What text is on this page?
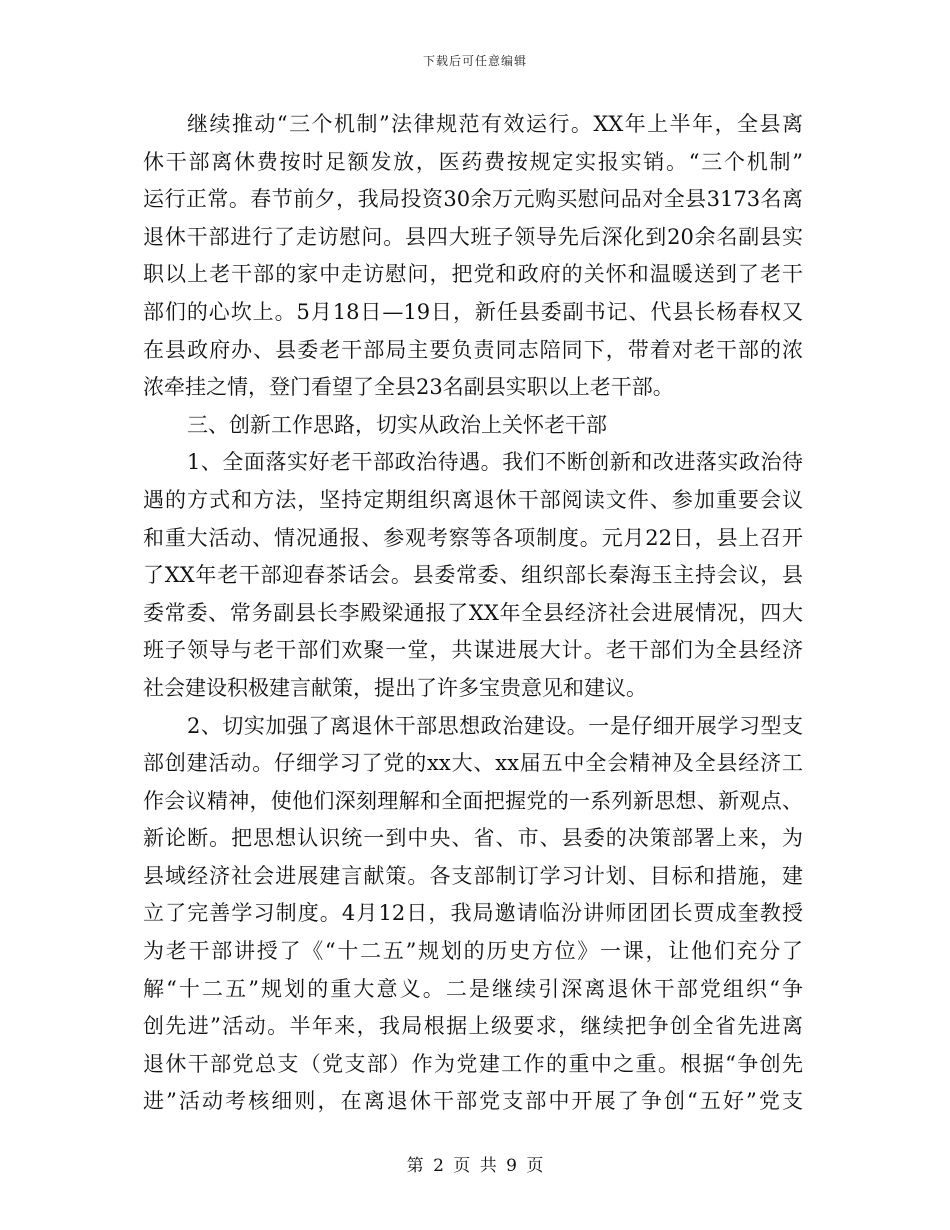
下载后可任意编辑
继续推动“三个机制”法律规范有效运行。XX年上半年，全县离
休干部离休费按时足额发放，医药费按规定实报实销。“三个机制”
运行正常。春节前夕，我局投资30余万元购买慰问品对全县3173名离
退休干部进行了走访慰问。县四大班子领导先后深化到20余名副县实
职以上老干部的家中走访慰问，把党和政府的关怀和温暖送到了老干
部们的心坎上。5月18日—19日，新任县委副书记、代县长杨春权又
在县政府办、县委老干部局主要负责同志陪同下，带着对老干部的浓
浓牵挂之情，登门看望了全县23名副县实职以上老干部。
三、创新工作思路，切实从政治上关怀老干部
1、全面落实好老干部政治待遇。我们不断创新和改进落实政治待
遇的方式和方法，坚持定期组织离退休干部阅读文件、参加重要会议
和重大活动、情况通报、参观考察等各项制度。元月22日，县上召开
了XX年老干部迎春茶话会。县委常委、组织部长秦海玉主持会议，县
委常委、常务副县长李殿梁通报了XX年全县经济社会进展情况，四大
班子领导与老干部们欢聚一堂，共谋进展大计。老干部们为全县经济
社会建设积极建言献策，提出了许多宝贵意见和建议。
2、切实加强了离退休干部思想政治建设。一是仔细开展学习型支
部创建活动。仔细学习了党的xx大、xx届五中全会精神及全县经济工
作会议精神，使他们深刻理解和全面把握党的一系列新思想、新观点、
新论断。把思想认识统一到中央、省、市、县委的决策部署上来，为
县域经济社会进展建言献策。各支部制订学习计划、目标和措施，建
立了完善学习制度。4月12日，我局邀请临汾讲师团团长贾成奎教授
为老干部讲授了《“十二五”规划的历史方位》一课，让他们充分了
解“十二五”规划的重大意义。二是继续引深离退休干部党组织“争
创先进”活动。半年来，我局根据上级要求，继续把争创全省先进离
退休干部党总支（党支部）作为党建工作的重中之重。根据“争创先
进”活动考核细则，在离退休干部党支部中开展了争创“五好”党支
第 2 页 共 9 页
